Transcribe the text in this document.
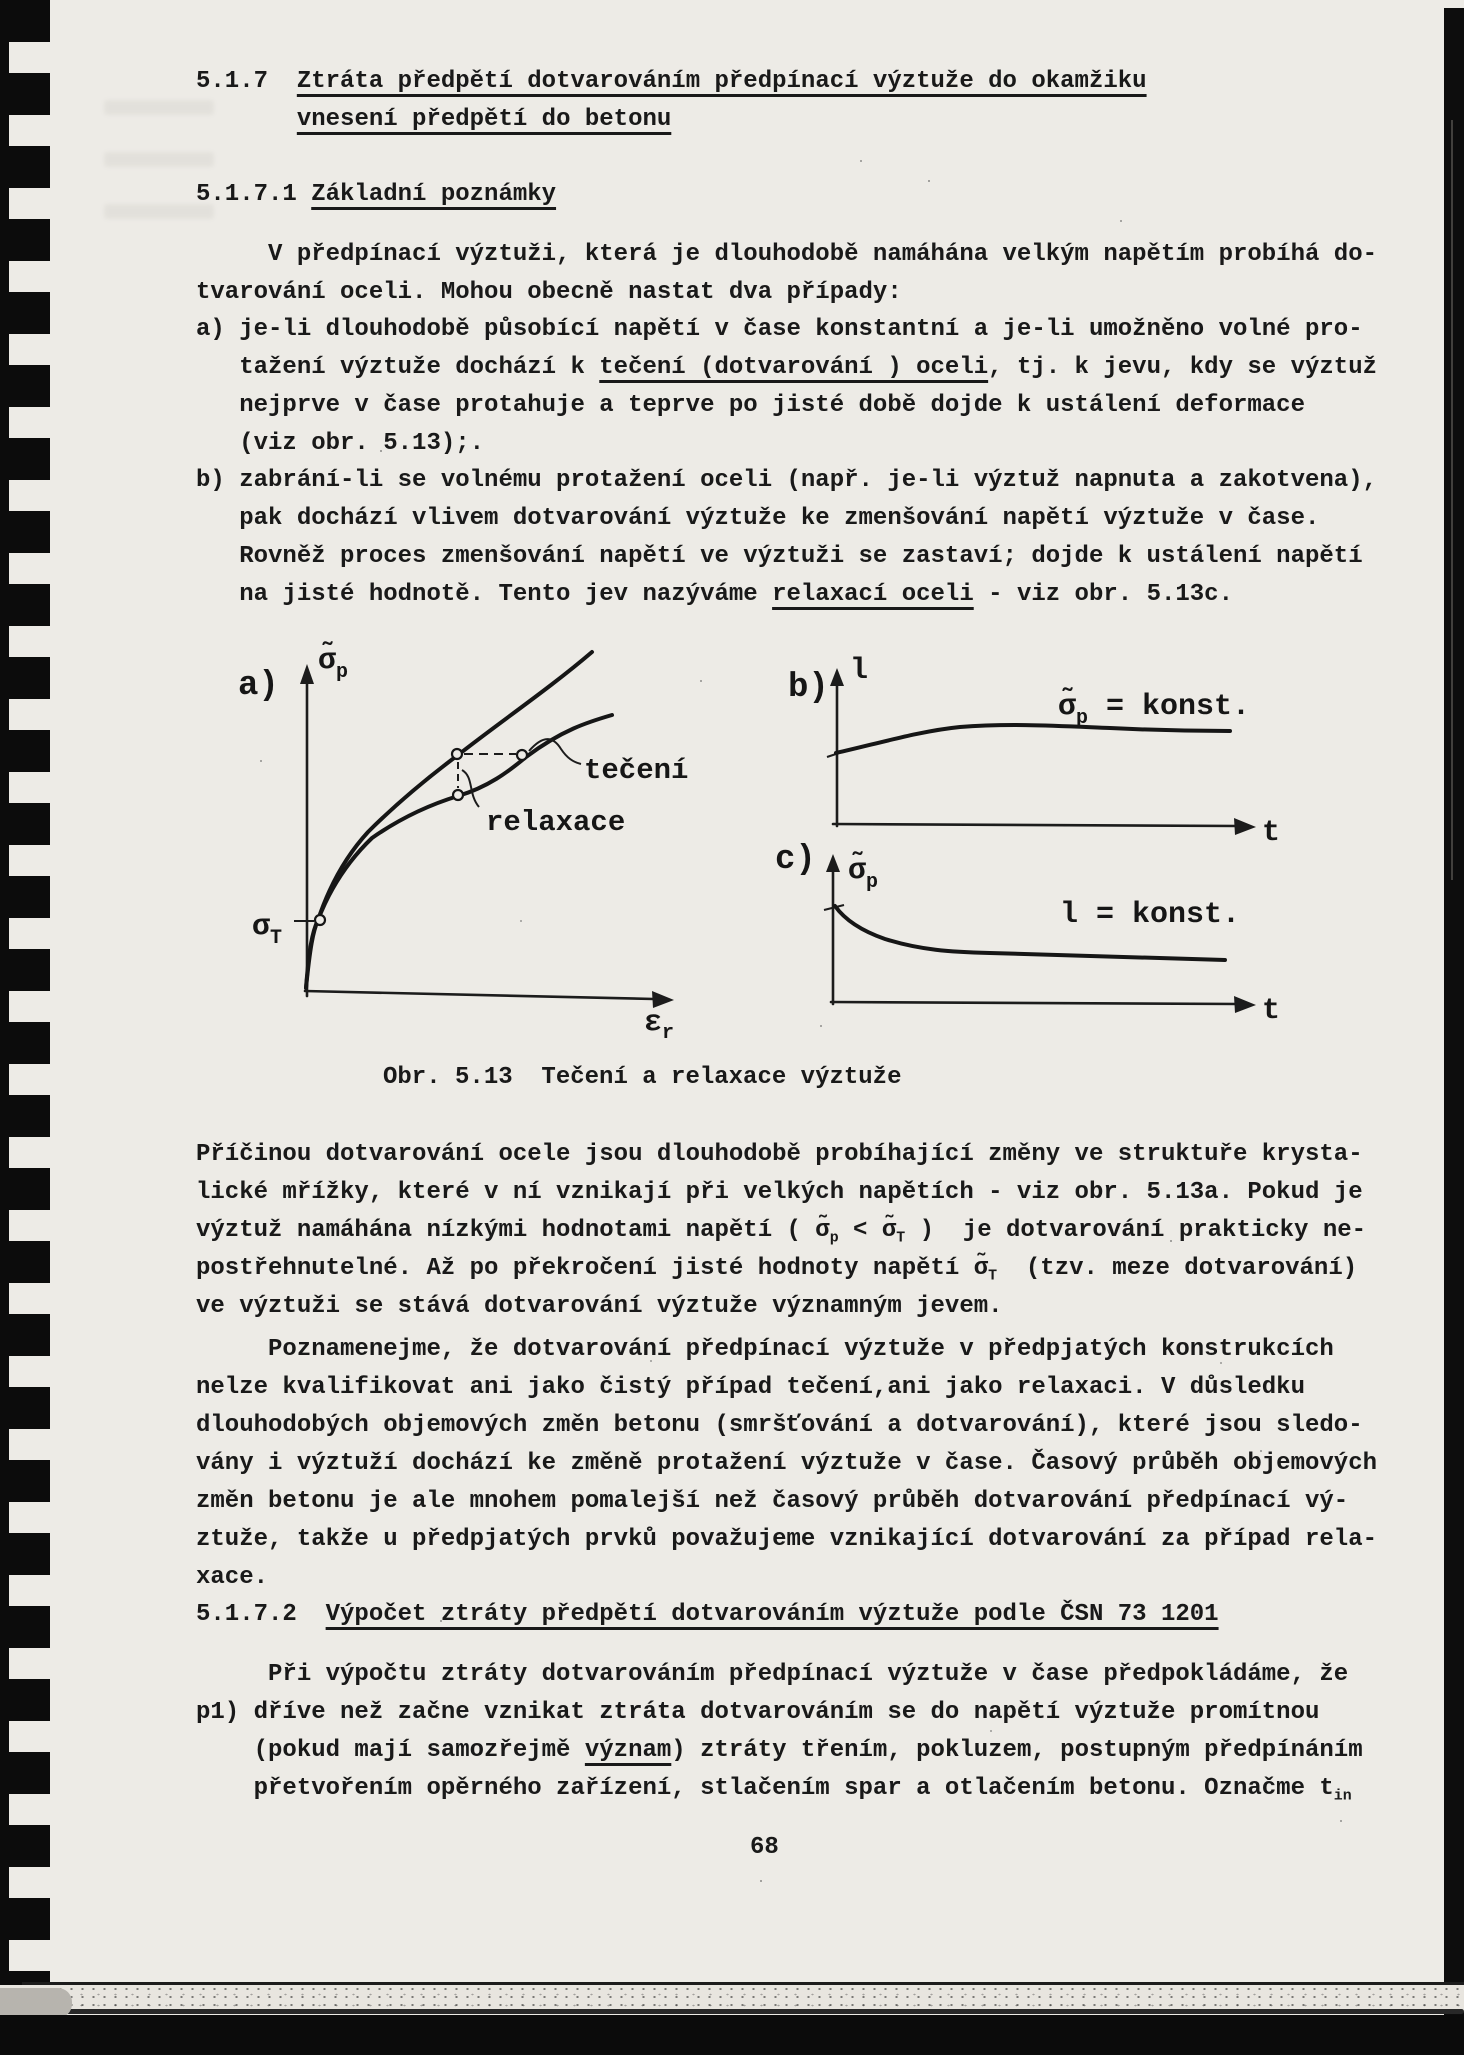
5.1.7  Ztráta předpětí dotvarováním předpínací výztuže do okamžiku
vnesení předpětí do betonu
5.1.7.1 Základní poznámky
V předpínací výztuži, která je dlouhodobě namáhána velkým napětím probíhá do-
tvarování oceli. Mohou obecně nastat dva případy:
a) je-li dlouhodobě působící napětí v čase konstantní a je-li umožněno volné pro-
tažení výztuže dochází k tečení (dotvarování ) oceli, tj. k jevu, kdy se výztuž
nejprve v čase protahuje a teprve po jisté době dojde k ustálení deformace
(viz obr. 5.13);.
b) zabrání-li se volnému protažení oceli (např. je-li výztuž napnuta a zakotvena),
pak dochází vlivem dotvarování výztuže ke zmenšování napětí výztuže v čase.
Rovněž proces zmenšování napětí ve výztuži se zastaví; dojde k ustálení napětí
na jisté hodnotě. Tento jev nazýváme relaxací oceli - viz obr. 5.13c.
Obr. 5.13  Tečení a relaxace výztuže
Příčinou dotvarování ocele jsou dlouhodobě probíhající změny ve struktuře krysta-
lické mřížky, které v ní vznikají při velkých napětích - viz obr. 5.13a. Pokud je
výztuž namáhána nízkými hodnotami napětí ( $\sigmã_p$ < $\sigmã_T$ )  je dotvarování prakticky ne-
postřehnutelné. Až po překročení jisté hodnoty napětí $\sigmã_T$  (tzv. meze dotvarování)
ve výztuži se stává dotvarování výztuže významným jevem.
Poznamenejme, že dotvarování předpínací výztuže v předpjatých konstrukcích
nelze kvalifikovat ani jako čistý případ tečení,ani jako relaxaci. V důsledku
dlouhodobých objemových změn betonu (smršťování a dotvarování), které jsou sledo-
vány i výztuží dochází ke změně protažení výztuže v čase. Časový průběh objemových
změn betonu je ale mnohem pomalejší než časový průběh dotvarování předpínací vý-
ztuže, takže u předpjatých prvků považujeme vznikající dotvarování za případ rela-
xace.
5.1.7.2  Výpočet ztráty předpětí dotvarováním výztuže podle ČSN 73 1201
Při výpočtu ztráty dotvarováním předpínací výztuže v čase předpokládáme, že
p1) dříve než začne vznikat ztráta dotvarováním se do napětí výztuže promítnou
(pokud mají samozřejmě význam) ztráty třením, pokluzem, postupným předpínáním
přetvořením opěrného zařízení, stlačením spar a otlačením betonu. Označme $t_{in}$
68
a)
$\sigmã_p$
$\varepsilon_r$
$\sigma_T$
tečení
relaxace
b) l
t
$\sigmã_p$ = konst.
c) $\sigmã_p$
t
l = konst.
